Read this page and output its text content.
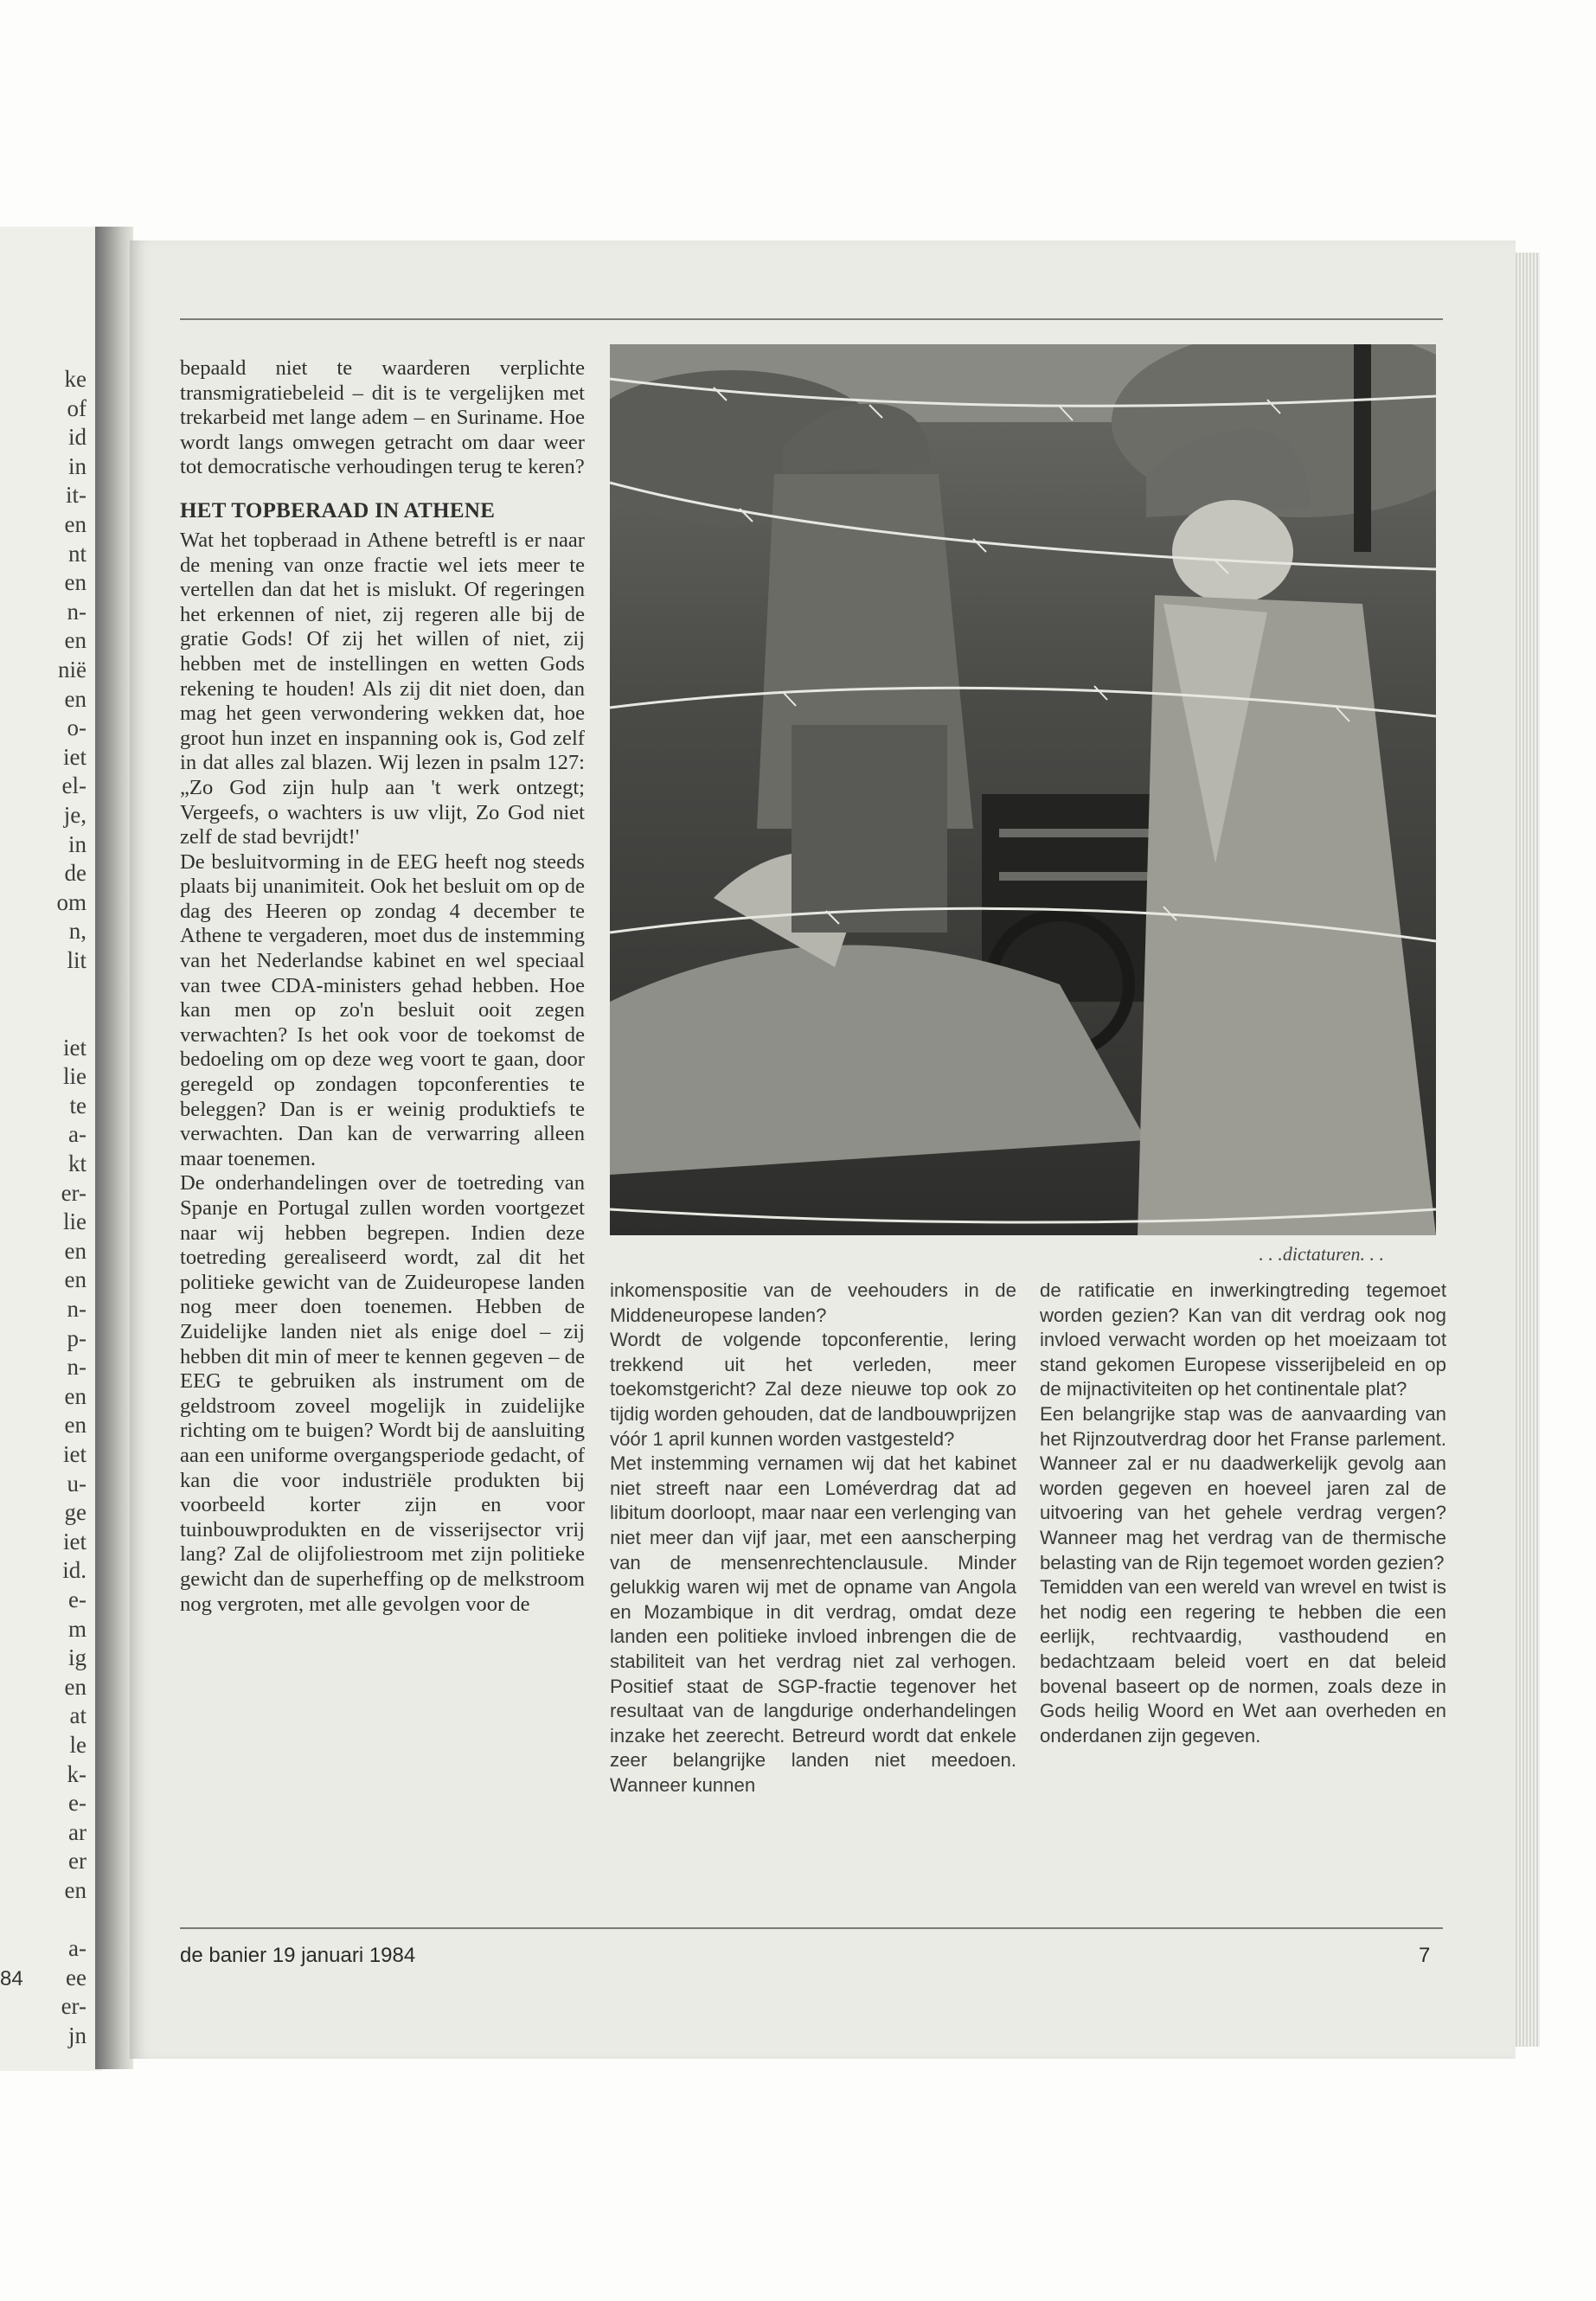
ke
of
id
in
it-
en
nt
en
n-
en
nië
en
o-
iet
el-
je,
in
de
om
n,
lit
iet
lie
te
a-
kt
er-
lie
en
en
n-
p-
n-
en
en
iet
u-
ge
iet
id.
e-
m
ig
en
at
le
k-
e-
ar
er
en
a-
ee
er-
jn
84

bepaald niet te waarderen verplichte transmigratiebeleid – dit is te vergelijken met trekarbeid met lange adem – en Suriname. Hoe wordt langs omwegen getracht om daar weer tot democratische verhoudingen terug te keren?

HET TOPBERAAD IN ATHENE

Wat het topberaad in Athene betreftl is er naar de mening van onze fractie wel iets meer te vertellen dan dat het is mislukt. Of regeringen het erkennen of niet, zij regeren alle bij de gratie Gods! Of zij het willen of niet, zij hebben met de instellingen en wetten Gods rekening te houden! Als zij dit niet doen, dan mag het geen verwondering wekken dat, hoe groot hun inzet en inspanning ook is, God zelf in dat alles zal blazen. Wij lezen in psalm 127: „Zo God zijn hulp aan 't werk ontzegt; Vergeefs, o wachters is uw vlijt, Zo God niet zelf de stad bevrijdt!'

De besluitvorming in de EEG heeft nog steeds plaats bij unanimiteit. Ook het besluit om op de dag des Heeren op zondag 4 december te Athene te vergaderen, moet dus de instemming van het Nederlandse kabinet en wel speciaal van twee CDA-ministers gehad hebben. Hoe kan men op zo'n besluit ooit zegen verwachten? Is het ook voor de toekomst de bedoeling om op deze weg voort te gaan, door geregeld op zondagen topconferenties te beleggen? Dan is er weinig produktiefs te verwachten. Dan kan de verwarring alleen maar toenemen.

De onderhandelingen over de toetreding van Spanje en Portugal zullen worden voortgezet naar wij hebben begrepen. Indien deze toetreding gerealiseerd wordt, zal dit het politieke gewicht van de Zuideuropese landen nog meer doen toenemen. Hebben de Zuidelijke landen niet als enige doel – zij hebben dit min of meer te kennen gegeven – de EEG te gebruiken als instrument om de geldstroom zoveel mogelijk in zuidelijke richting om te buigen? Wordt bij de aansluiting aan een uniforme overgangsperiode gedacht, of kan die voor industriële produkten bij voorbeeld korter zijn en voor tuinbouwprodukten en de visserijsector vrij lang? Zal de olijfoliestroom met zijn politieke gewicht dan de superheffing op de melkstroom nog vergroten, met alle gevolgen voor de

. . .dictaturen. . .

inkomenspositie van de veehouders in de Middeneuropese landen?

Wordt de volgende topconferentie, lering trekkend uit het verleden, meer toekomstgericht? Zal deze nieuwe top ook zo tijdig worden gehouden, dat de landbouwprijzen vóór 1 april kunnen worden vastgesteld?

Met instemming vernamen wij dat het kabinet niet streeft naar een Loméverdrag dat ad libitum doorloopt, maar naar een verlenging van niet meer dan vijf jaar, met een aanscherping van de mensenrechtenclausule. Minder gelukkig waren wij met de opname van Angola en Mozambique in dit verdrag, omdat deze landen een politieke invloed inbrengen die de stabiliteit van het verdrag niet zal verhogen. Positief staat de SGP-fractie tegenover het resultaat van de langdurige onderhandelingen inzake het zeerecht. Betreurd wordt dat enkele zeer belangrijke landen niet meedoen. Wanneer kunnen

de ratificatie en inwerkingtreding tegemoet worden gezien? Kan van dit verdrag ook nog invloed verwacht worden op het moeizaam tot stand gekomen Europese visserijbeleid en op de mijnactiviteiten op het continentale plat?

Een belangrijke stap was de aanvaarding van het Rijnzoutverdrag door het Franse parlement. Wanneer zal er nu daadwerkelijk gevolg aan worden gegeven en hoeveel jaren zal de uitvoering van het gehele verdrag vergen? Wanneer mag het verdrag van de thermische belasting van de Rijn tegemoet worden gezien?

Temidden van een wereld van wrevel en twist is het nodig een regering te hebben die een eerlijk, rechtvaardig, vasthoudend en bedachtzaam beleid voert en dat beleid bovenal baseert op de normen, zoals deze in Gods heilig Woord en Wet aan overheden en onderdanen zijn gegeven.

de banier 19 januari 1984	7
